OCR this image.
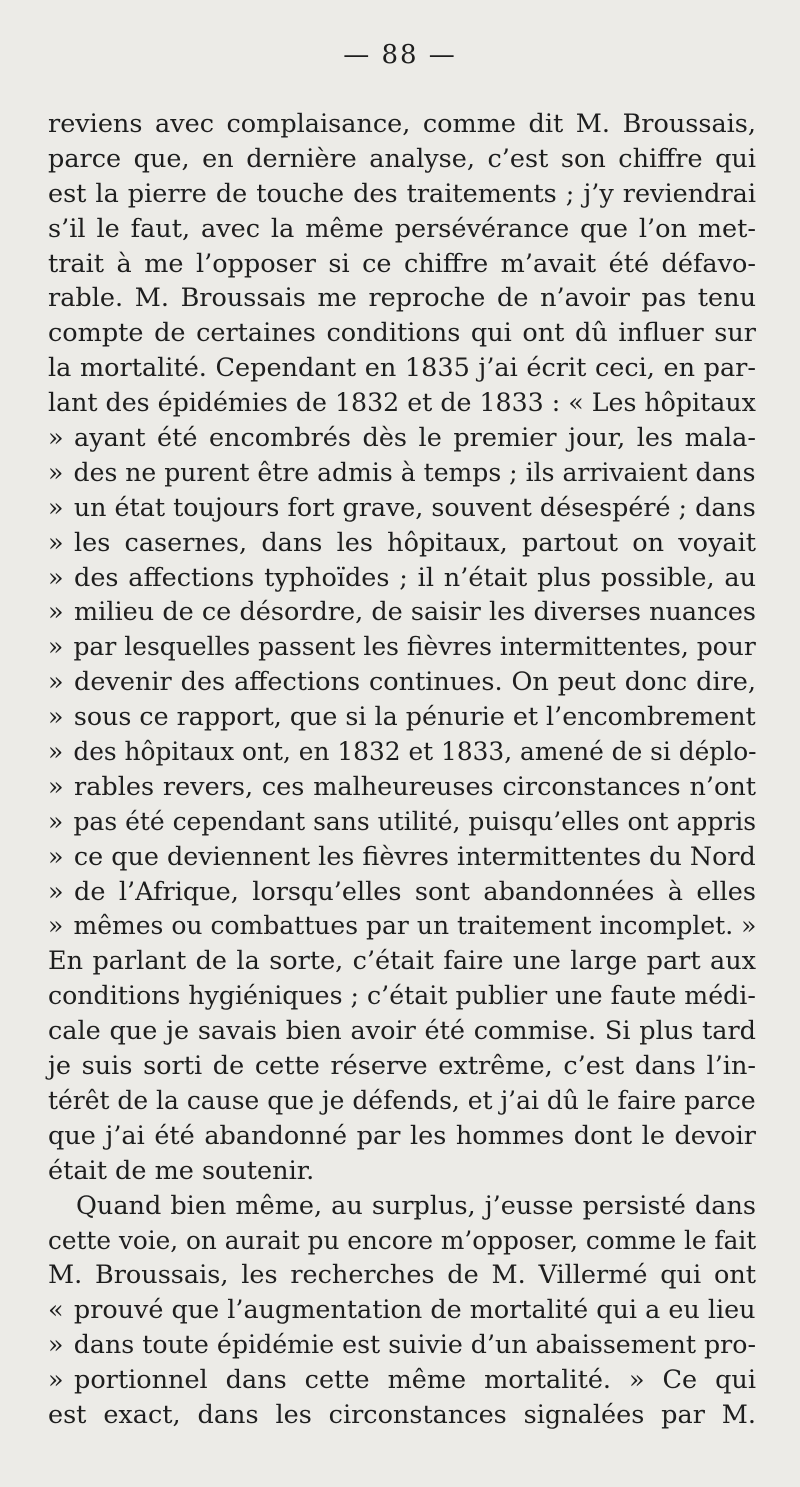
— 88 —
reviens avec complaisance, comme dit M. Broussais,
parce que, en dernière analyse, c’est son chiffre qui
est la pierre de touche des traitements ; j’y reviendrai
s’il le faut, avec la même persévérance que l’on met-
trait à me l’opposer si ce chiffre m’avait été défavo-
rable. M. Broussais me reproche de n’avoir pas tenu
compte de certaines conditions qui ont dû influer sur
la mortalité. Cependant en 1835 j’ai écrit ceci, en par-
lant des épidémies de 1832 et de 1833 : « Les hôpitaux
» ayant été encombrés dès le premier jour, les mala-
» des ne purent être admis à temps ; ils arrivaient dans
» un état toujours fort grave, souvent désespéré ; dans
» les casernes, dans les hôpitaux, partout on voyait
» des affections typhoïdes ; il n’était plus possible, au
» milieu de ce désordre, de saisir les diverses nuances
» par lesquelles passent les fièvres intermittentes, pour
» devenir des affections continues. On peut donc dire,
» sous ce rapport, que si la pénurie et l’encombrement
» des hôpitaux ont, en 1832 et 1833, amené de si déplo-
» rables revers, ces malheureuses circonstances n’ont
» pas été cependant sans utilité, puisqu’elles ont appris
» ce que deviennent les fièvres intermittentes du Nord
» de l’Afrique, lorsqu’elles sont abandonnées à elles
» mêmes ou combattues par un traitement incomplet. »
En parlant de la sorte, c’était faire une large part aux
conditions hygiéniques ; c’était publier une faute médi-
cale que je savais bien avoir été commise. Si plus tard
je suis sorti de cette réserve extrême, c’est dans l’in-
térêt de la cause que je défends, et j’ai dû le faire parce
que j’ai été abandonné par les hommes dont le devoir
était de me soutenir.
Quand bien même, au surplus, j’eusse persisté dans
cette voie, on aurait pu encore m’opposer, comme le fait
M. Broussais, les recherches de M. Villermé qui ont
« prouvé que l’augmentation de mortalité qui a eu lieu
» dans toute épidémie est suivie d’un abaissement pro-
» portionnel dans cette même mortalité. » Ce qui
est exact, dans les circonstances signalées par M.
